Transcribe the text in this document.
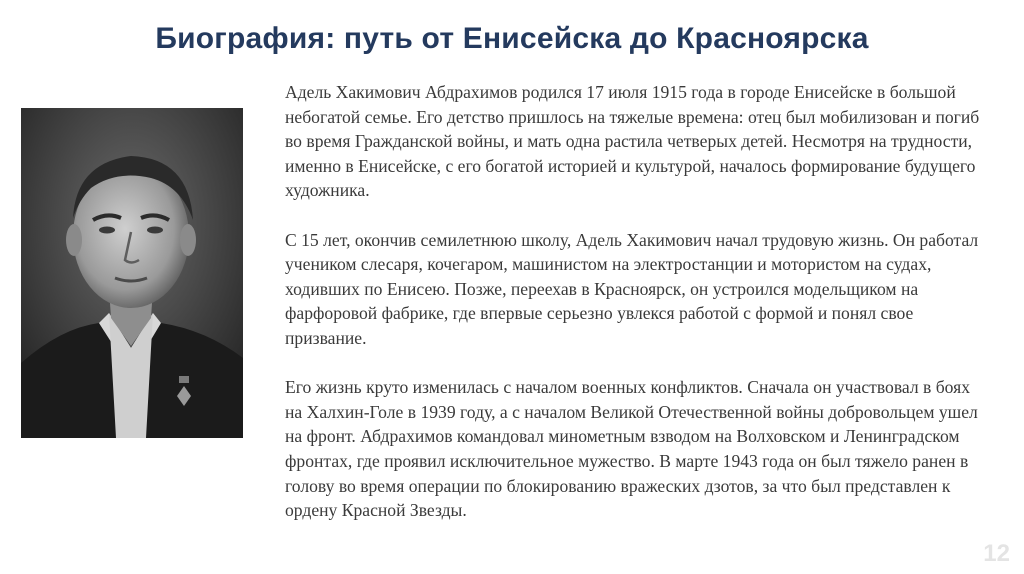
Биография: путь от Енисейска до Красноярска

Адель Хакимович Абдрахимов родился 17 июля 1915 года в городе Енисейске в большой небогатой семье. Его детство пришлось на тяжелые времена: отец был мобилизован и погиб во время Гражданской войны, и мать одна растила четверых детей. Несмотря на трудности, именно в Енисейске, с его богатой историей и культурой, началось формирование будущего художника.

С 15 лет, окончив семилетнюю школу, Адель Хакимович начал трудовую жизнь. Он работал учеником слесаря, кочегаром, машинистом на электростанции и мотористом на судах, ходивших по Енисею. Позже, переехав в Красноярск, он устроился модельщиком на фарфоровой фабрике, где впервые серьезно увлекся работой с формой и понял свое призвание.

Его жизнь круто изменилась с началом военных конфликтов. Сначала он участвовал в боях на Халхин-Голе в 1939 году, а с началом Великой Отечественной войны добровольцем ушел на фронт. Абдрахимов командовал минометным взводом на Волховском и Ленинградском фронтах, где проявил исключительное мужество. В марте 1943 года он был тяжело ранен в голову во время операции по блокированию вражеских дзотов, за что был представлен к ордену Красной Звезды.

12
